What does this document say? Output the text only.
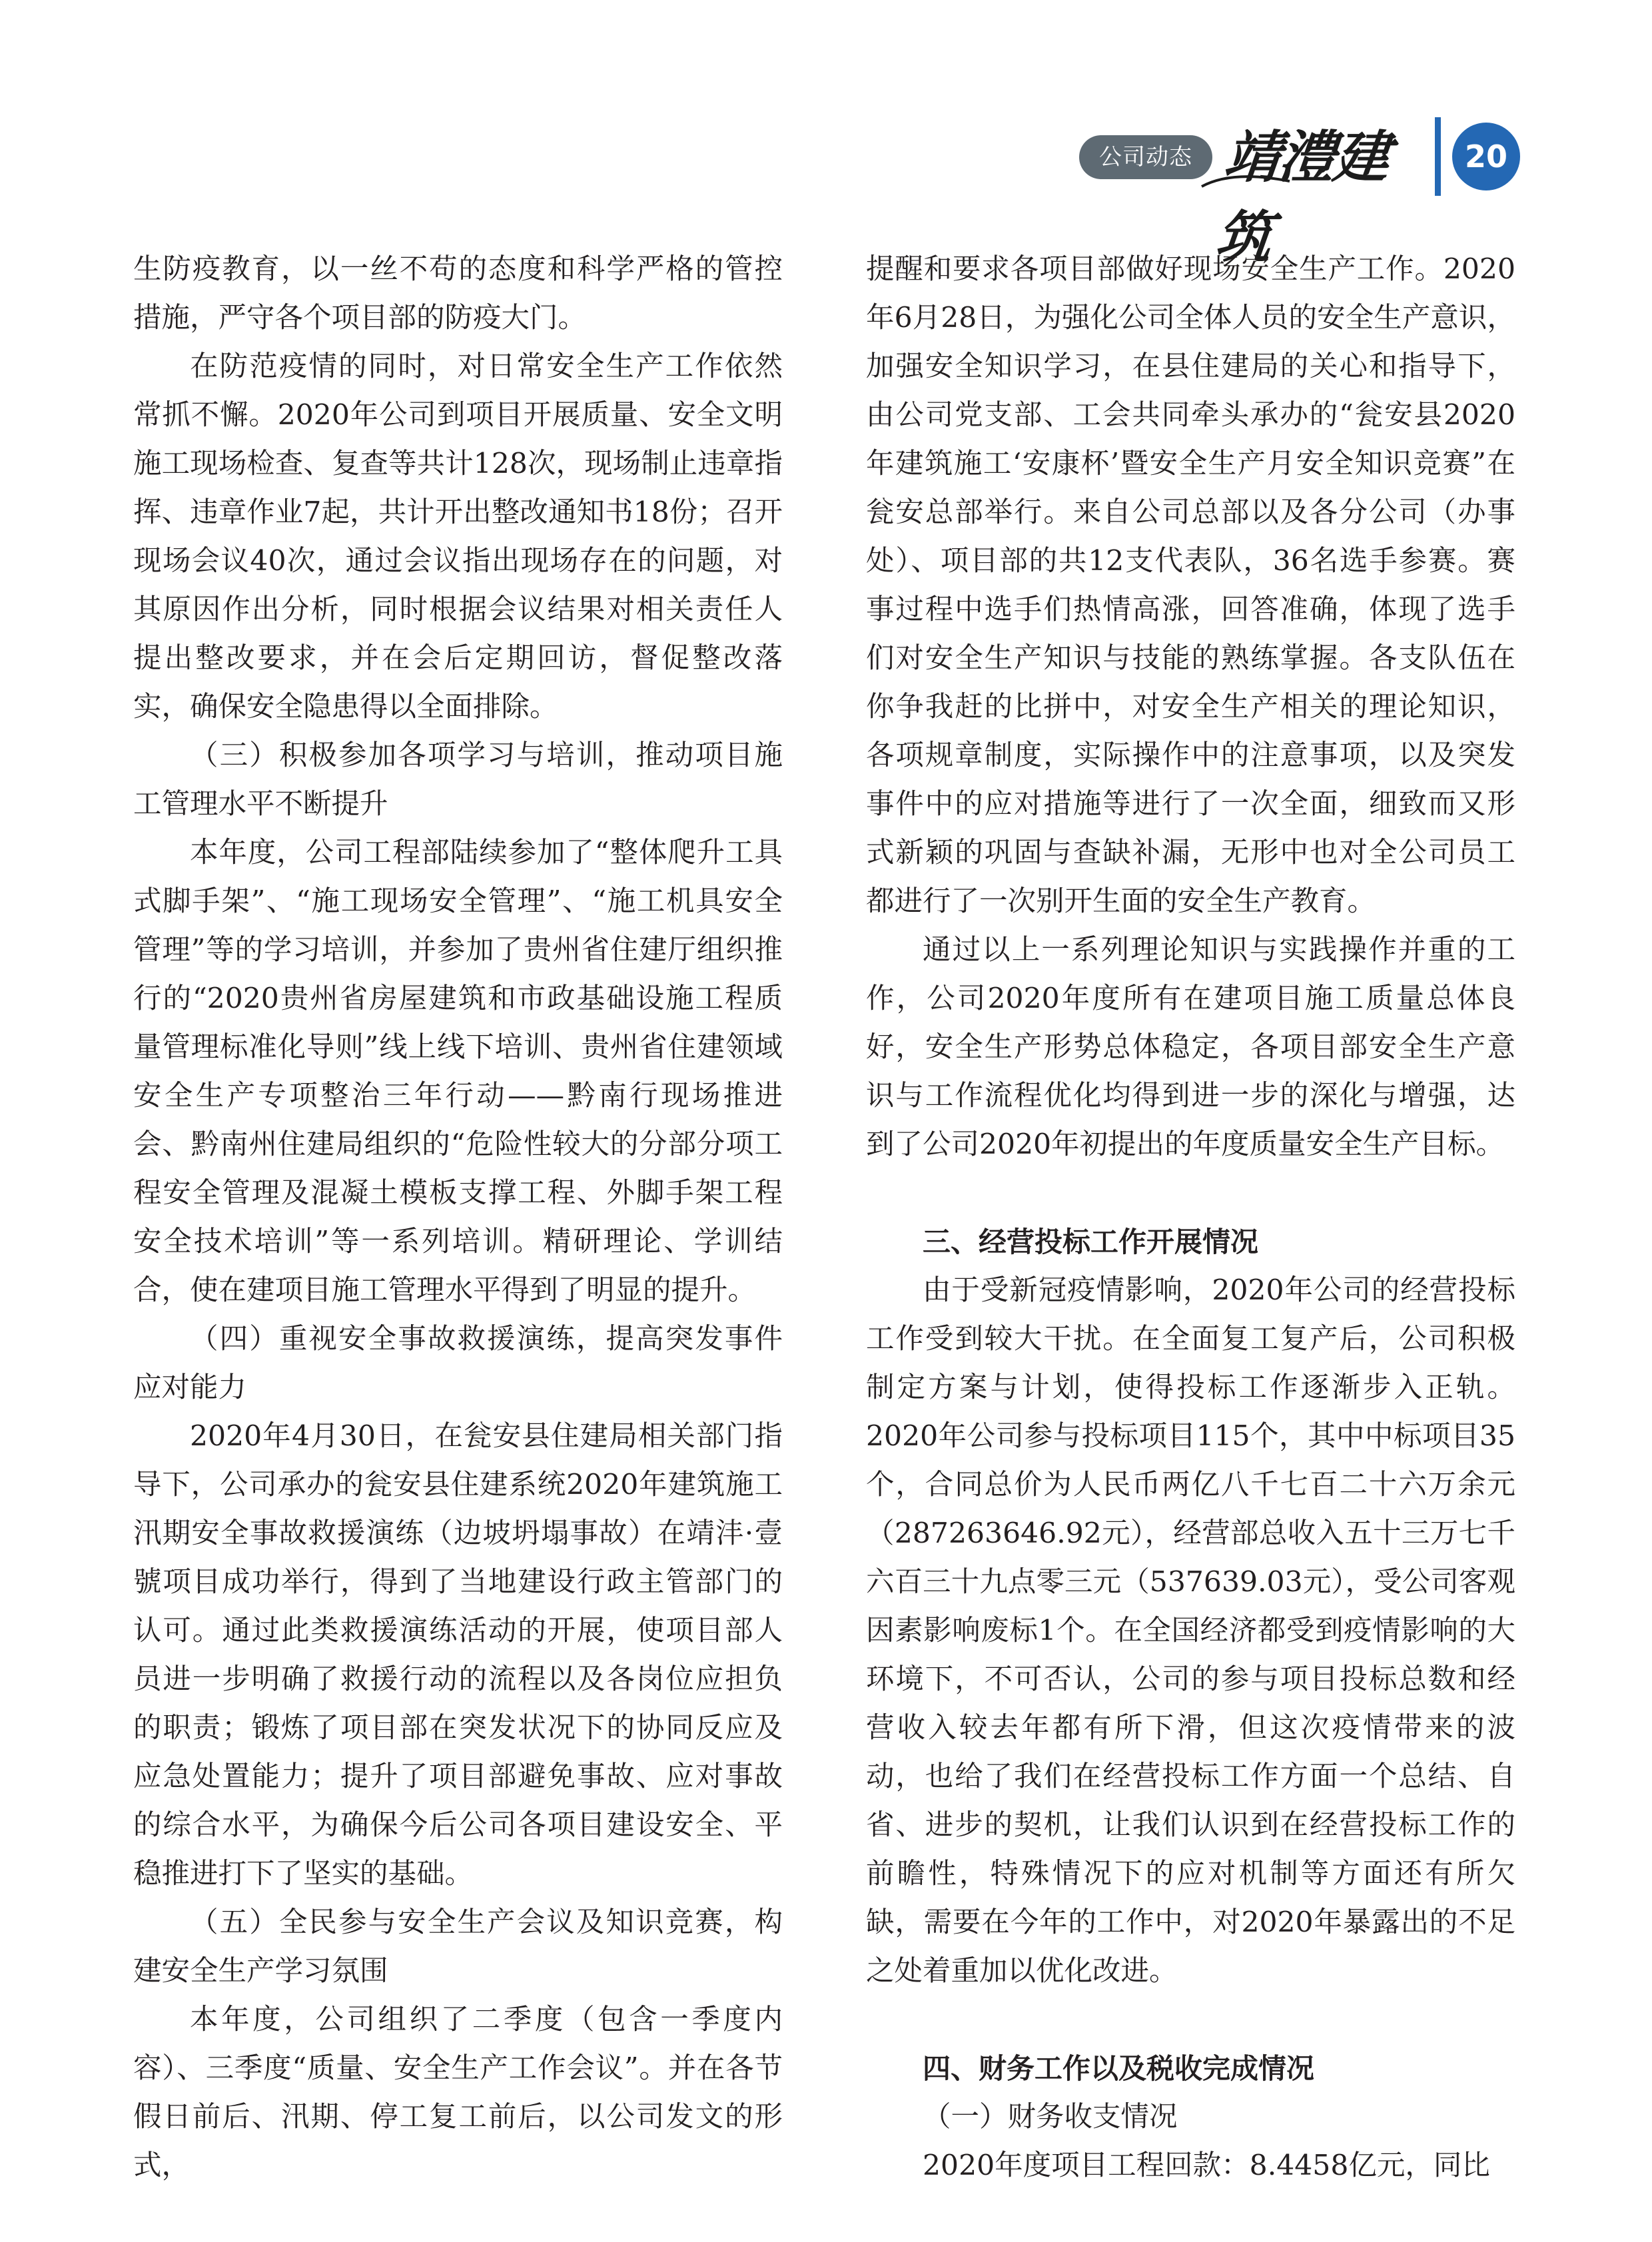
公司动态 靖澧建筑
20

生防疫教育，以一丝不苟的态度和科学严格的管控措施，严守各个项目部的防疫大门。

在防范疫情的同时，对日常安全生产工作依然常抓不懈。2020年公司到项目开展质量、安全文明施工现场检查、复查等共计128次，现场制止违章指挥、违章作业7起，共计开出整改通知书18份；召开现场会议40次，通过会议指出现场存在的问题，对其原因作出分析，同时根据会议结果对相关责任人提出整改要求，并在会后定期回访，督促整改落实，确保安全隐患得以全面排除。

（三）积极参加各项学习与培训，推动项目施工管理水平不断提升

本年度，公司工程部陆续参加了“整体爬升工具式脚手架”、“施工现场安全管理”、“施工机具安全管理”等的学习培训，并参加了贵州省住建厅组织推行的“2020贵州省房屋建筑和市政基础设施工程质量管理标准化导则”线上线下培训、贵州省住建领域安全生产专项整治三年行动——黔南行现场推进会、黔南州住建局组织的“危险性较大的分部分项工程安全管理及混凝土模板支撑工程、外脚手架工程安全技术培训”等一系列培训。精研理论、学训结合，使在建项目施工管理水平得到了明显的提升。

（四）重视安全事故救援演练，提高突发事件应对能力

2020年4月30日，在瓮安县住建局相关部门指导下，公司承办的瓮安县住建系统2020年建筑施工汛期安全事故救援演练（边坡坍塌事故）在靖沣·壹號项目成功举行，得到了当地建设行政主管部门的认可。通过此类救援演练活动的开展，使项目部人员进一步明确了救援行动的流程以及各岗位应担负的职责；锻炼了项目部在突发状况下的协同反应及应急处置能力；提升了项目部避免事故、应对事故的综合水平，为确保今后公司各项目建设安全、平稳推进打下了坚实的基础。

（五）全民参与安全生产会议及知识竞赛，构建安全生产学习氛围

本年度，公司组织了二季度（包含一季度内容）、三季度“质量、安全生产工作会议”。并在各节假日前后、汛期、停工复工前后，以公司发文的形式，

提醒和要求各项目部做好现场安全生产工作。2020年6月28日，为强化公司全体人员的安全生产意识，加强安全知识学习，在县住建局的关心和指导下，由公司党支部、工会共同牵头承办的“瓮安县2020年建筑施工‘安康杯’暨安全生产月安全知识竞赛”在瓮安总部举行。来自公司总部以及各分公司（办事处）、项目部的共12支代表队，36名选手参赛。赛事过程中选手们热情高涨，回答准确，体现了选手们对安全生产知识与技能的熟练掌握。各支队伍在你争我赶的比拼中，对安全生产相关的理论知识，各项规章制度，实际操作中的注意事项，以及突发事件中的应对措施等进行了一次全面，细致而又形式新颖的巩固与查缺补漏，无形中也对全公司员工都进行了一次别开生面的安全生产教育。

通过以上一系列理论知识与实践操作并重的工作，公司2020年度所有在建项目施工质量总体良好，安全生产形势总体稳定，各项目部安全生产意识与工作流程优化均得到进一步的深化与增强，达到了公司2020年初提出的年度质量安全生产目标。

三、经营投标工作开展情况

由于受新冠疫情影响，2020年公司的经营投标工作受到较大干扰。在全面复工复产后，公司积极制定方案与计划，使得投标工作逐渐步入正轨。2020年公司参与投标项目115个，其中中标项目35个，合同总价为人民币两亿八千七百二十六万余元（287263646.92元），经营部总收入五十三万七千六百三十九点零三元（537639.03元），受公司客观因素影响废标1个。在全国经济都受到疫情影响的大环境下，不可否认，公司的参与项目投标总数和经营收入较去年都有所下滑，但这次疫情带来的波动，也给了我们在经营投标工作方面一个总结、自省、进步的契机，让我们认识到在经营投标工作的前瞻性，特殊情况下的应对机制等方面还有所欠缺，需要在今年的工作中，对2020年暴露出的不足之处着重加以优化改进。

四、财务工作以及税收完成情况

（一）财务收支情况

2020年度项目工程回款：8.4458亿元，同比
